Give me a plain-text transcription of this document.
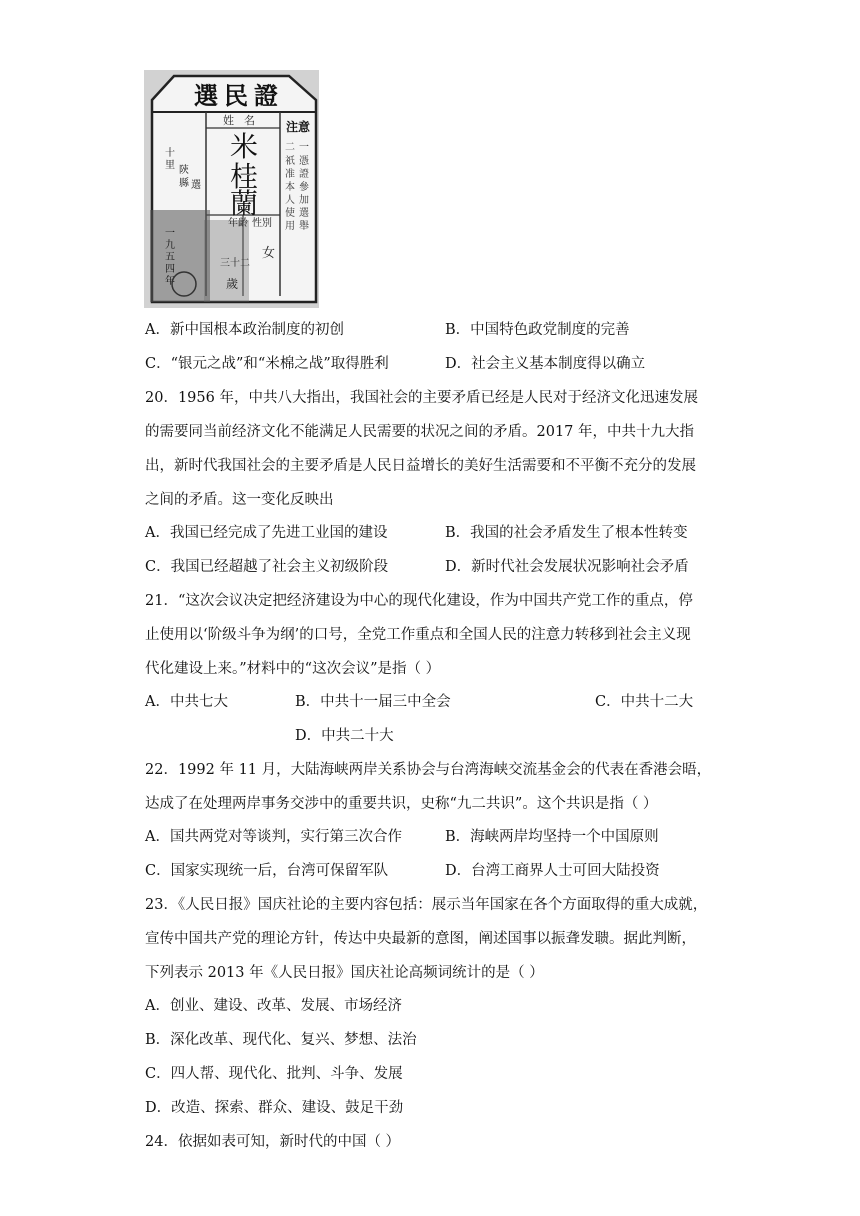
選民證
姓名 注意
米
桂
蘭
一
憑
證
參
加
選
舉
二
祇
准
本
人
使
用
年齡 性別
女
三十二
歲
十
里 陝
縣 選
一
九
五
四
年
A．新中国根本政治制度的初创	B．中国特色政党制度的完善
C．“银元之战”和“米棉之战”取得胜利	D．社会主义基本制度得以确立
20．1956 年，中共八大指出，我国社会的主要矛盾已经是人民对于经济文化迅速发展
的需要同当前经济文化不能满足人民需要的状况之间的矛盾。2017 年，中共十九大指
出，新时代我国社会的主要矛盾是人民日益增长的美好生活需要和不平衡不充分的发展
之间的矛盾。这一变化反映出
A．我国已经完成了先进工业国的建设	B．我国的社会矛盾发生了根本性转变
C．我国已经超越了社会主义初级阶段	D．新时代社会发展状况影响社会矛盾
21．“这次会议决定把经济建设为中心的现代化建设，作为中国共产党工作的重点，停
止使用以‘阶级斗争为纲’的口号，全党工作重点和全国人民的注意力转移到社会主义现
代化建设上来。”材料中的“这次会议”是指（ ）
A．中共七大	B．中共十一届三中全会	C．中共十二大
D．中共二十大
22．1992 年 11 月，大陆海峡两岸关系协会与台湾海峡交流基金会的代表在香港会晤，
达成了在处理两岸事务交涉中的重要共识，史称“九二共识”。这个共识是指（ ）
A．国共两党对等谈判，实行第三次合作	B．海峡两岸均坚持一个中国原则
C．国家实现统一后，台湾可保留军队	D．台湾工商界人士可回大陆投资
23．《人民日报》国庆社论的主要内容包括：展示当年国家在各个方面取得的重大成就，
宣传中国共产党的理论方针，传达中央最新的意图，阐述国事以振聋发聩。据此判断，
下列表示 2013 年《人民日报》国庆社论高频词统计的是（ ）
A．创业、建设、改革、发展、市场经济
B．深化改革、现代化、复兴、梦想、法治
C．四人帮、现代化、批判、斗争、发展
D．改造、探索、群众、建设、鼓足干劲
24．依据如表可知，新时代的中国（ ）
